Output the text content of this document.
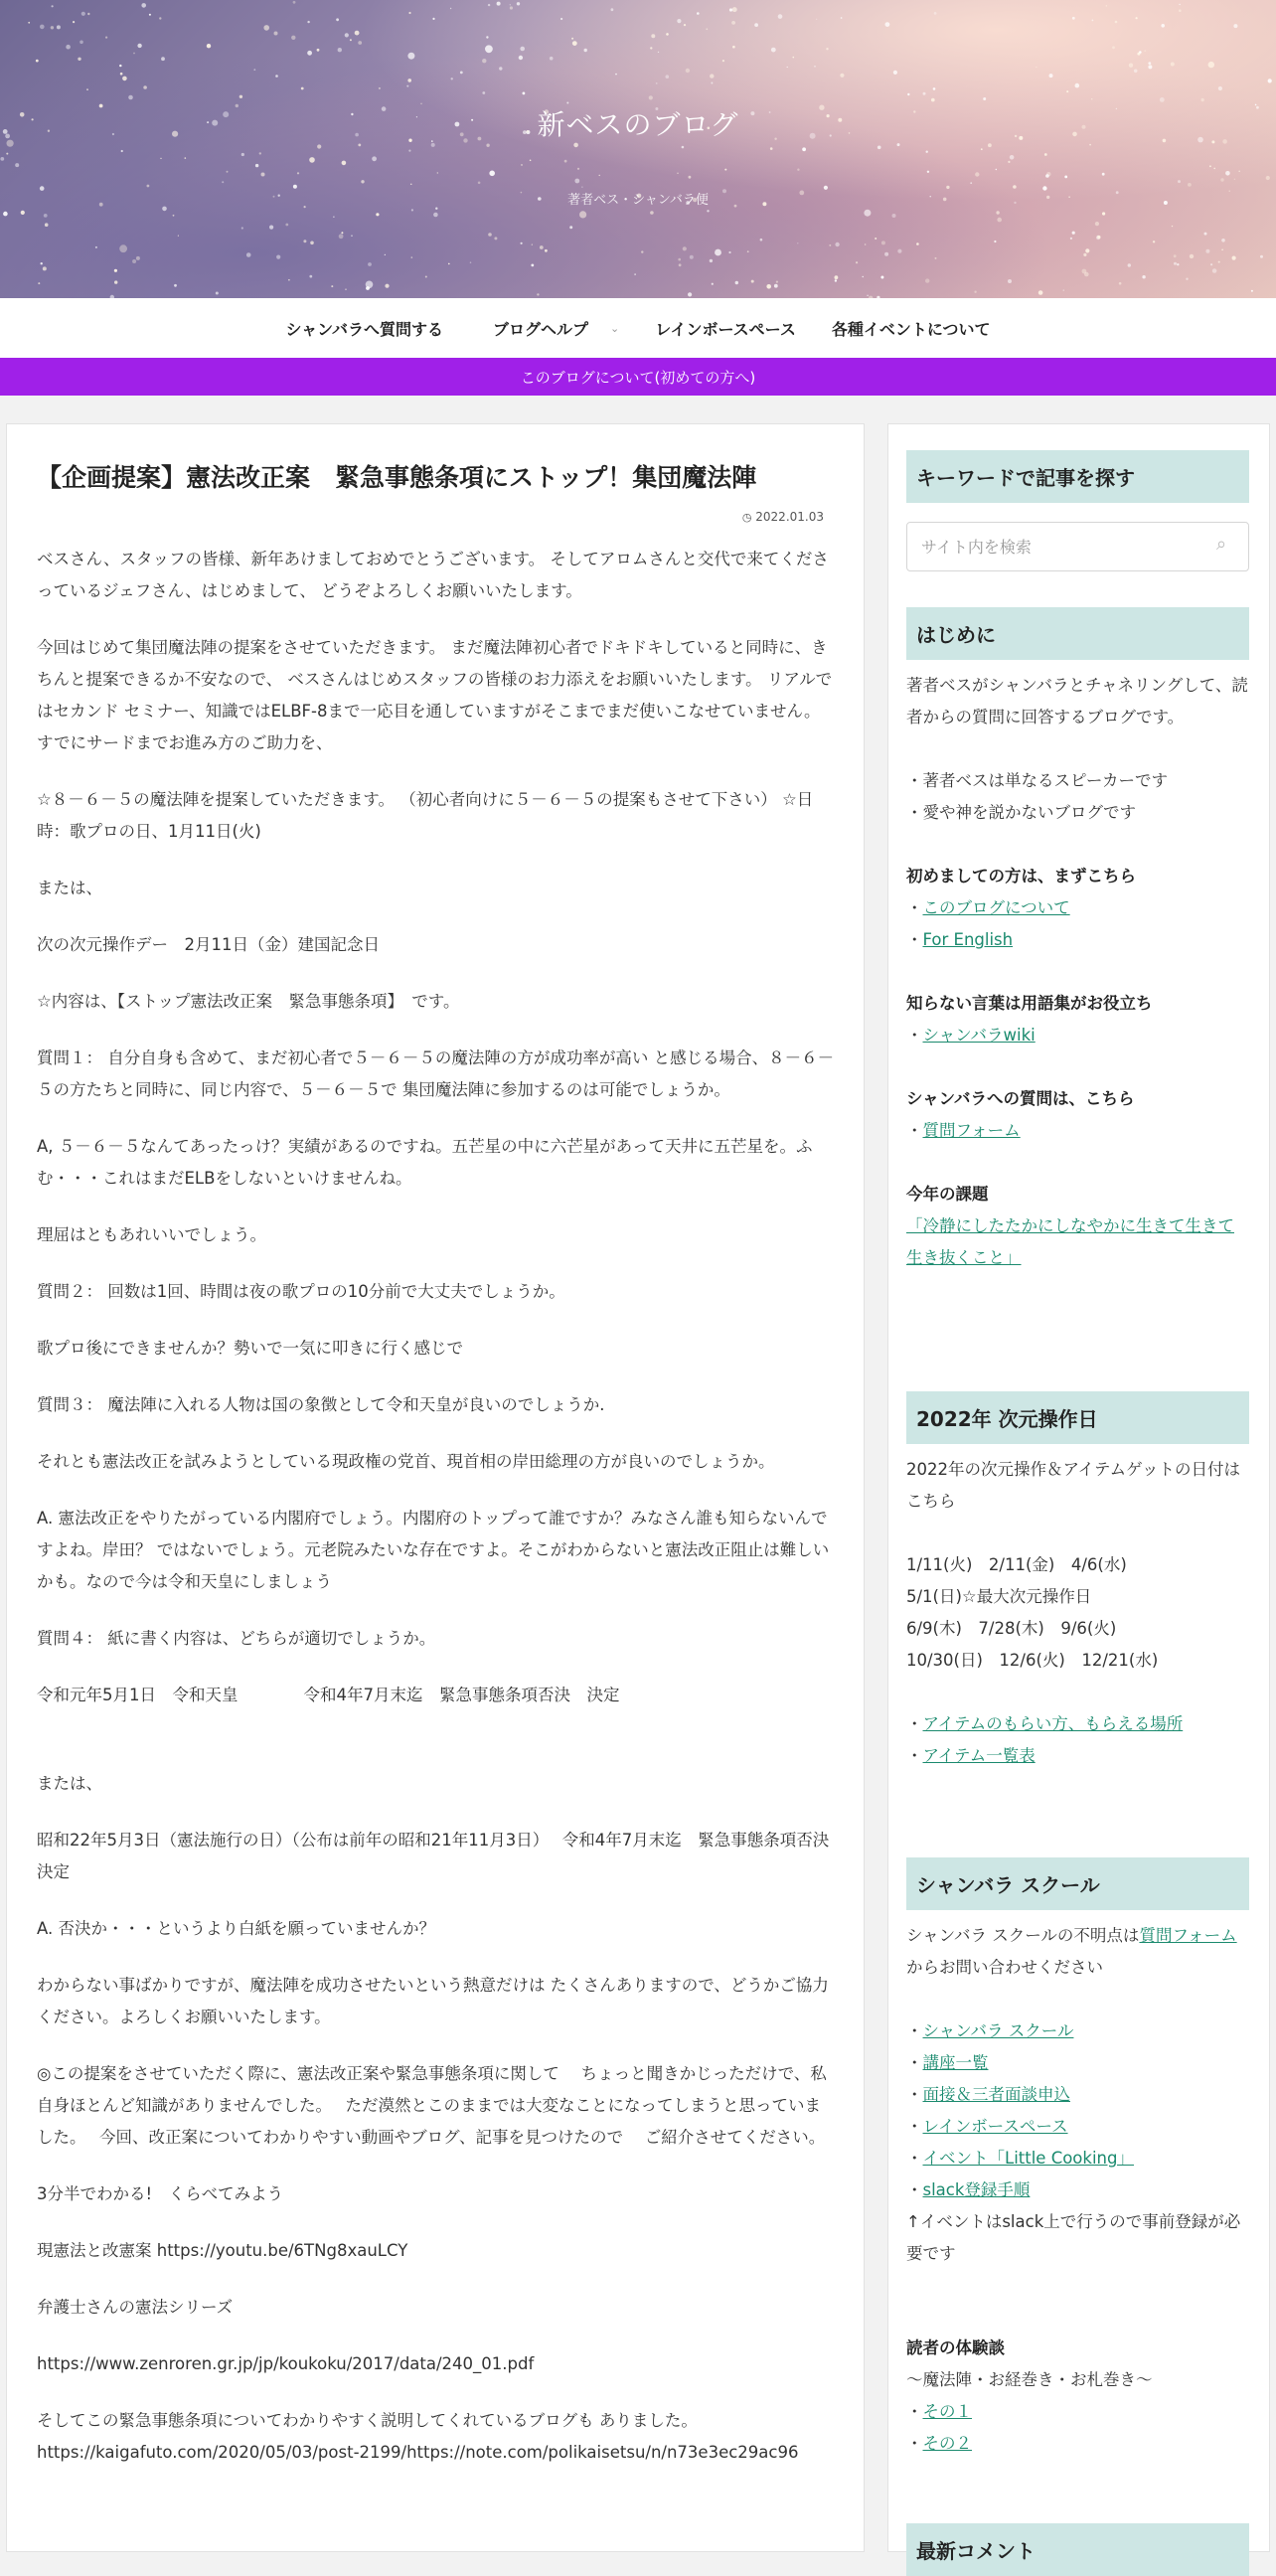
新ベスのブログ
著者ベス・シャンバラ便
シャンバラへ質問する	ブログヘルプ ⌄ レインボースペース 各種イベントについて
このブログについて(初めての方へ)
【企画提案】憲法改正案　緊急事態条項にストップ！集団魔法陣
◷ 2022.01.03

ベスさん、スタッフの皆様、新年あけましておめでとうございます。 そしてアロムさんと交代で来てくださっているジェフさん、はじめまして、 どうぞよろしくお願いいたします。

今回はじめて集団魔法陣の提案をさせていただきます。 まだ魔法陣初心者でドキドキしていると同時に、きちんと提案できるか不安なので、 ベスさんはじめスタッフの皆様のお力添えをお願いいたします。 リアルではセカンド セミナー、知識ではELBF-8まで一応目を通していますがそこまでまだ使いこなせていません。すでにサードまでお進み方のご助力を、

☆８－６－５の魔法陣を提案していただきます。 （初心者向けに５－６－５の提案もさせて下さい） ☆日時：歌プロの日、1月11日(火)

または、

次の次元操作デー　2月11日（金）建国記念日

☆内容は、【ストップ憲法改正案　緊急事態条項】　です。

質問１： 自分自身も含めて、まだ初心者で５－６－５の魔法陣の方が成功率が高い と感じる場合、８－６－５の方たちと同時に、同じ内容で、５－６－５で 集団魔法陣に参加するのは可能でしょうか。

A, ５－６－５なんてあったっけ？実績があるのですね。五芒星の中に六芒星があって天井に五芒星を。ふむ・・・これはまだELBをしないといけませんね。

理屈はともあれいいでしょう。

質問２： 回数は1回、時間は夜の歌プロの10分前で大丈夫でしょうか。

歌プロ後にできませんか？勢いで一気に叩きに行く感じで

質問３： 魔法陣に入れる人物は国の象徴として令和天皇が良いのでしょうか.

それとも憲法改正を試みようとしている現政権の党首、現首相の岸田総理の方が良いのでしょうか。

A. 憲法改正をやりたがっている内閣府でしょう。内閣府のトップって誰ですか？みなさん誰も知らないんですよね。岸田？ ではないでしょう。元老院みたいな存在ですよ。そこがわからないと憲法改正阻止は難しいかも。なので今は令和天皇にしましょう

質問４： 紙に書く内容は、どちらが適切でしょうか。

令和元年5月1日　令和天皇　　　　令和4年7月末迄　緊急事態条項否決　決定

または、

昭和22年5月3日（憲法施行の日）（公布は前年の昭和21年11月3日）　 令和4年7月末迄　緊急事態条項否決　決定

A. 否決か・・・というより白紙を願っていませんか？

わからない事ばかりですが、魔法陣を成功させたいという熱意だけは たくさんありますので、どうかご協力ください。よろしくお願いいたします。

◎この提案をさせていただく際に、憲法改正案や緊急事態条項に関して　 ちょっと聞きかじっただけで、私自身ほとんど知識がありませんでした。　 ただ漠然とこのままでは大変なことになってしまうと思っていました。　 今回、改正案についてわかりやすい動画やブログ、記事を見つけたので　 ご紹介させてください。

3分半でわかる!　くらべてみよう

現憲法と改憲案 https://youtu.be/6TNg8xauLCY

弁護士さんの憲法シリーズ

https://www.zenroren.gr.jp/jp/koukoku/2017/data/240_01.pdf

そしてこの緊急事態条項についてわかりやすく説明してくれているブログも ありました。

https://kaigafuto.com/2020/05/03/post-2199/https://note.com/polikaisetsu/n/n73e3ec29ac96

キーワードで記事を探す
サイト内を検索
⌕
はじめに

著者ベスがシャンバラとチャネリングして、読者からの質問に回答するブログです。

・著者ベスは単なるスピーカーです

・愛や神を説かないブログです

初めましての方は、まずこちら

・このブログについて

・For English

知らない言葉は用語集がお役立ち

・シャンバラwiki

シャンバラへの質問は、こちら

・質問フォーム

今年の課題

「冷静にしたたかにしなやかに生きて生きて生き抜くこと」

2022年 次元操作日

2022年の次元操作＆アイテムゲットの日付はこちら

1/11(火)　2/11(金)　4/6(水)

5/1(日)☆最大次元操作日

6/9(木)　7/28(木)　9/6(火)

10/30(日)　12/6(火)　12/21(水)

・アイテムのもらい方、もらえる場所

・アイテム一覧表

シャンバラ スクール

シャンバラ スクールの不明点は質問フォームからお問い合わせください

・シャンバラ スクール

・講座一覧

・面接＆三者面談申込

・レインボースペース

・イベント「Little Cooking」

・slack登録手順

↑イベントはslack上で行うので事前登録が必要です

読者の体験談

〜魔法陣・お経巻き・お札巻き〜

・その１

・その２

最新コメント
